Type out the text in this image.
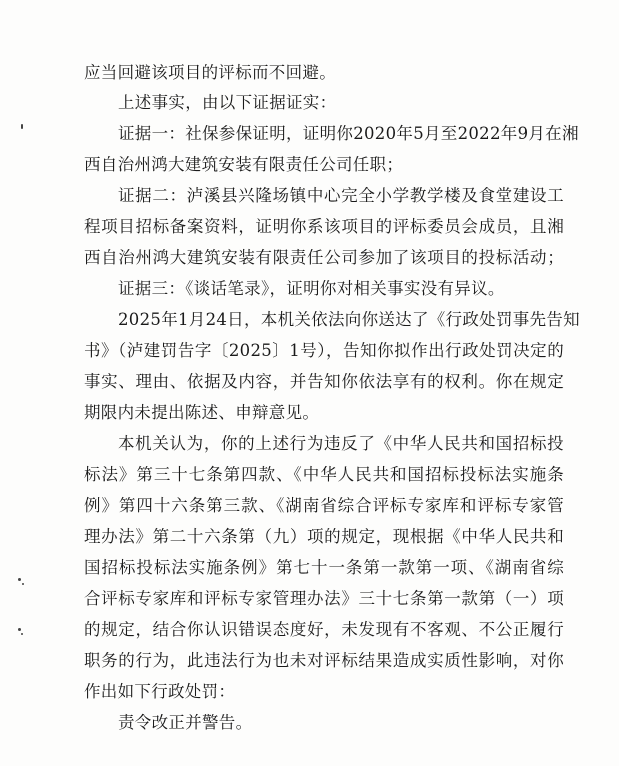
应当回避该项目的评标而不回避。
上述事实，由以下证据证实：
证据一：社保参保证明，证明你2020年5月至2022年9月在湘
西自治州鸿大建筑安装有限责任公司任职；
证据二：泸溪县兴隆场镇中心完全小学教学楼及食堂建设工
程项目招标备案资料，证明你系该项目的评标委员会成员，且湘
西自治州鸿大建筑安装有限责任公司参加了该项目的投标活动；
证据三：《谈话笔录》，证明你对相关事实没有异议。
2025年1月24日，本机关依法向你送达了《行政处罚事先告知
书》（泸建罚告字〔2025〕1号），告知你拟作出行政处罚决定的
事实、理由、依据及内容，并告知你依法享有的权利。你在规定
期限内未提出陈述、申辩意见。
本机关认为，你的上述行为违反了《中华人民共和国招标投
标法》第三十七条第四款、《中华人民共和国招标投标法实施条
例》第四十六条第三款、《湖南省综合评标专家库和评标专家管
理办法》第二十六条第（九）项的规定，现根据《中华人民共和
国招标投标法实施条例》第七十一条第一款第一项、《湖南省综
合评标专家库和评标专家管理办法》三十七条第一款第（一）项
的规定，结合你认识错误态度好，未发现有不客观、不公正履行
职务的行为，此违法行为也未对评标结果造成实质性影响，对你
作出如下行政处罚：
责令改正并警告。
